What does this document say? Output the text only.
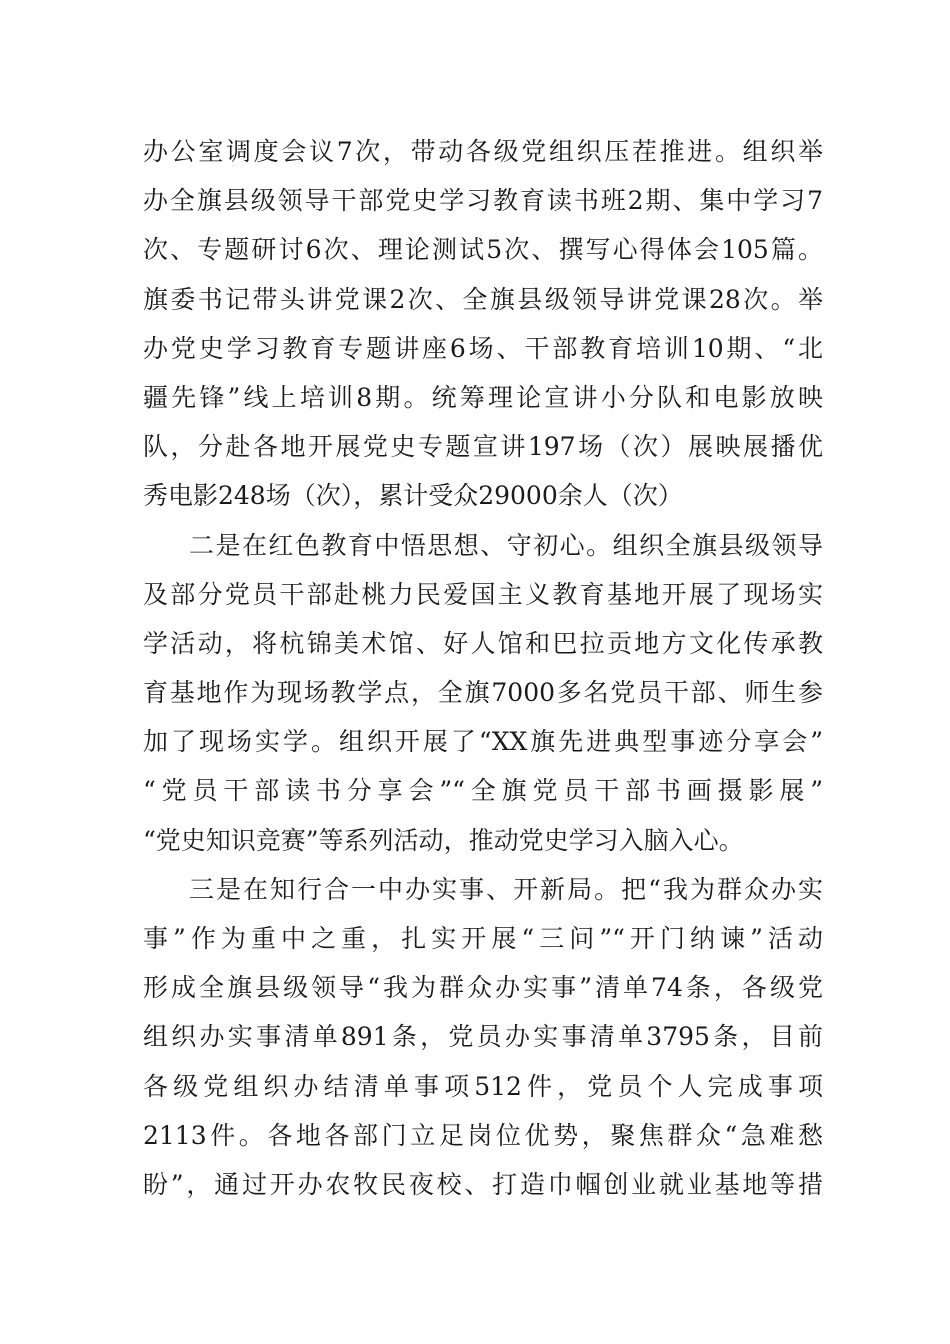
办公室调度会议7次，带动各级党组织压茬推进。组织举
办全旗县级领导干部党史学习教育读书班2期、集中学习7
次、专题研讨6次、理论测试5次、撰写心得体会105篇。
旗委书记带头讲党课2次、全旗县级领导讲党课28次。举
办党史学习教育专题讲座6场、干部教育培训10期、“北
疆先锋”线上培训8期。统筹理论宣讲小分队和电影放映
队，分赴各地开展党史专题宣讲197场（次）展映展播优
秀电影248场（次），累计受众29000余人（次）
二是在红色教育中悟思想、守初心。组织全旗县级领导
及部分党员干部赴桃力民爱国主义教育基地开展了现场实
学活动，将杭锦美术馆、好人馆和巴拉贡地方文化传承教
育基地作为现场教学点，全旗7000多名党员干部、师生参
加了现场实学。组织开展了“XX旗先进典型事迹分享会”
“党员干部读书分享会”“全旗党员干部书画摄影展”
“党史知识竞赛”等系列活动，推动党史学习入脑入心。
三是在知行合一中办实事、开新局。把“我为群众办实
事”作为重中之重，扎实开展“三问”“开门纳谏”活动
形成全旗县级领导“我为群众办实事”清单74条，各级党
组织办实事清单891条，党员办实事清单3795条，目前
各级党组织办结清单事项512件，党员个人完成事项
2113件。各地各部门立足岗位优势，聚焦群众“急难愁
盼”，通过开办农牧民夜校、打造巾帼创业就业基地等措
